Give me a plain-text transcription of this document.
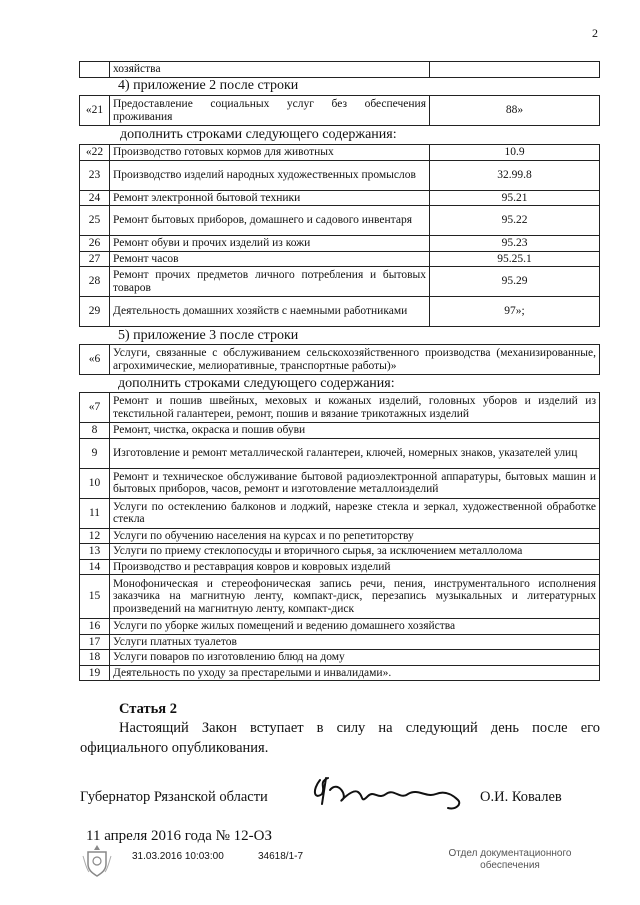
2
	хозяйства	
4) приложение 2 после строки
«21	Предоставление социальных услуг без обеспечения проживания	88»
дополнить строками следующего содержания:
«22	Производство готовых кормов для животных	10.9
23	Производство изделий народных художественных промыслов	32.99.8
24	Ремонт электронной бытовой техники	95.21
25	Ремонт бытовых приборов, домашнего и садового инвентаря	95.22
26	Ремонт обуви и прочих изделий из кожи	95.23
27	Ремонт часов	95.25.1
28	Ремонт прочих предметов личного потребления и бытовых товаров	95.29
29	Деятельность домашних хозяйств с наемными работниками	97»;
5) приложение 3 после строки
«6	Услуги, связанные с обслуживанием сельскохозяйственного производства (механизированные, агрохимические, мелиоративные, транспортные работы)»
дополнить строками следующего содержания:
«7	Ремонт и пошив швейных, меховых и кожаных изделий, головных уборов и изделий из текстильной галантереи, ремонт, пошив и вязание трикотажных изделий
8	Ремонт, чистка, окраска и пошив обуви
9	Изготовление и ремонт металлической галантереи, ключей, номерных знаков, указателей улиц
10	Ремонт и техническое обслуживание бытовой радиоэлектронной аппаратуры, бытовых машин и бытовых приборов, часов, ремонт и изготовление металлоизделий
11	Услуги по остеклению балконов и лоджий, нарезке стекла и зеркал, художественной обработке стекла
12	Услуги по обучению населения на курсах и по репетиторству
13	Услуги по приему стеклопосуды и вторичного сырья, за исключением металлолома
14	Производство и реставрация ковров и ковровых изделий
15	Монофоническая и стереофоническая запись речи, пения, инструментального исполнения заказчика на магнитную ленту, компакт-диск, перезапись музыкальных и литературных произведений на магнитную ленту, компакт-диск
16	Услуги по уборке жилых помещений и ведению домашнего хозяйства
17	Услуги платных туалетов
18	Услуги поваров по изготовлению блюд на дому
19	Деятельность по уходу за престарелыми и инвалидами».
Статья 2
Настоящий Закон вступает в силу на следующий день после его официального опубликования.
Губернатор Рязанской области	О.И. Ковалев
11 апреля 2016 года № 12-ОЗ
31.03.2016 10:03:00	34618/1-7	Отдел документационного обеспечения
